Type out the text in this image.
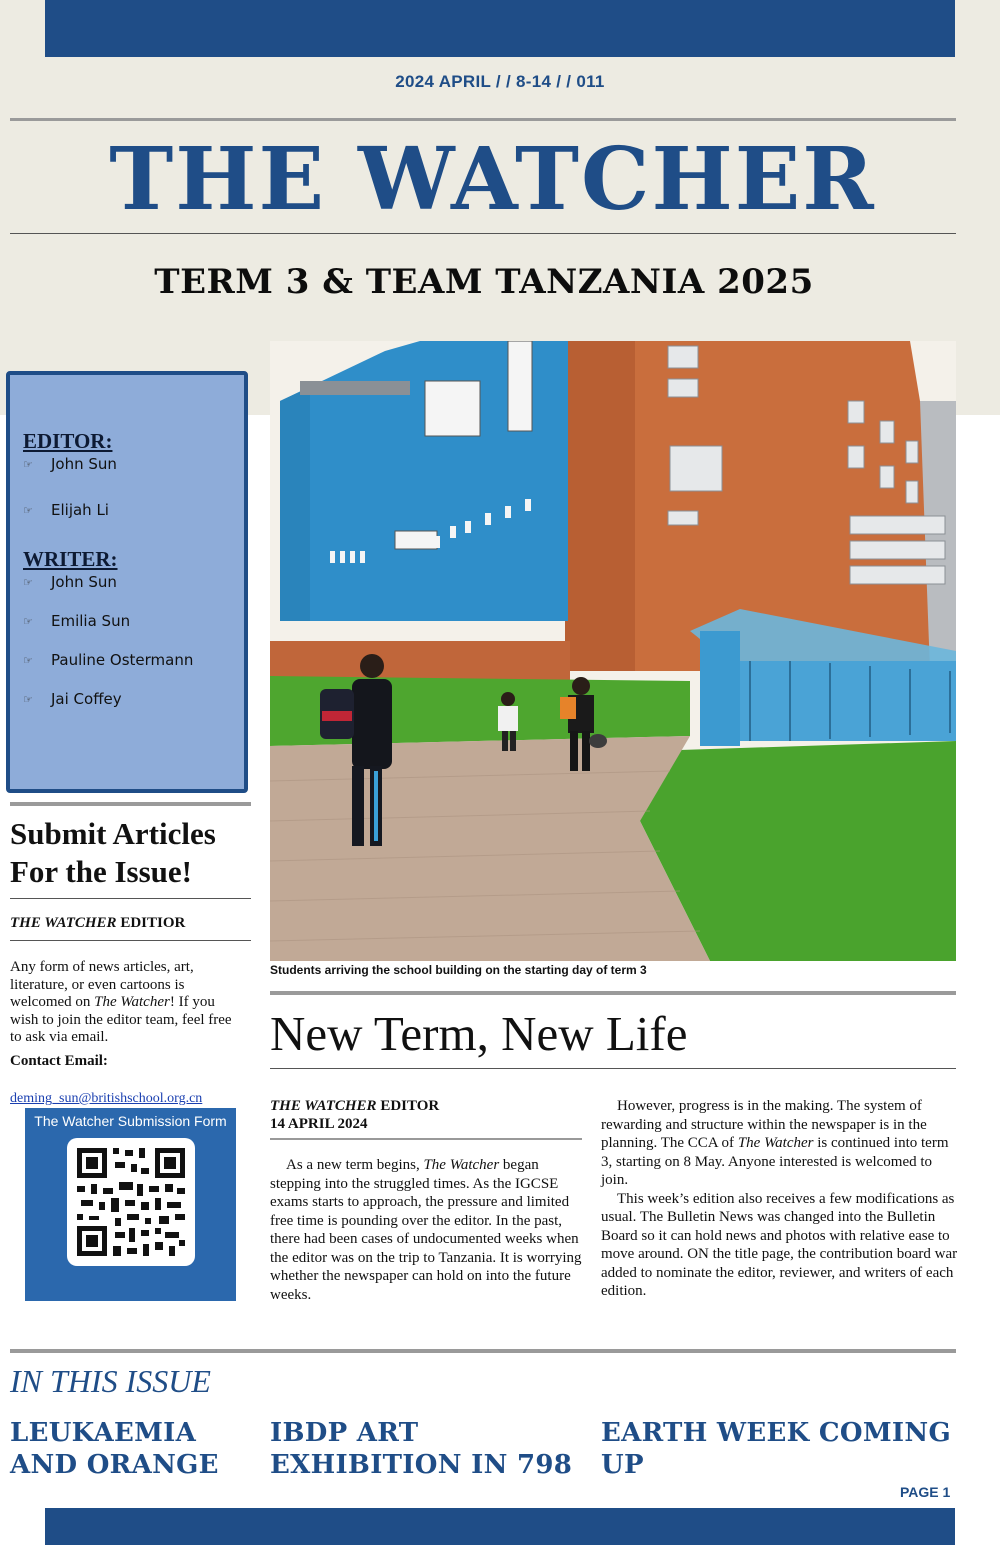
2024 APRIL / / 8-14 / / 011
THE WATCHER
TERM 3 & TEAM TANZANIA 2025
EDITOR:
☞	John Sun
☞	Elijah Li
WRITER:
☞	John Sun
☞	Emilia Sun
☞	Pauline Ostermann
☞	Jai Coffey
Students arriving the school building on the starting day of term 3
Submit Articles
For the Issue!
THE WATCHER EDITIOR
Any form of news articles, art, literature, or even cartoons is welcomed on The Watcher! If you wish to join the editor team, feel free to ask via email.
Contact Email:
deming_sun@britishschool.org.cn
The Watcher Submission Form
New Term, New Life
THE WATCHER EDITOR
14 APRIL 2024
As a new term begins, The Watcher began stepping into the struggled times. As the IGCSE exams starts to approach, the pressure and limited free time is pounding over the editor. In the past, there had been cases of undocumented weeks when the editor was on the trip to Tanzania. It is worrying whether the newspaper can hold on into the future weeks.
However, progress is in the making. The system of rewarding and structure within the newspaper is in the planning. The CCA of The Watcher is continued into term 3, starting on 8 May. Anyone interested is welcomed to join.
This week’s edition also receives a few modifications as usual. The Bulletin News was changed into the Bulletin Board so it can hold news and photos with relative ease to move around. ON the title page, the contribution board war added to nominate the editor, reviewer, and writers of each edition.
IN THIS ISSUE
LEUKAEMIA
AND ORANGE
IBDP ART
EXHIBITION IN 798
EARTH WEEK COMING
UP
PAGE 1
